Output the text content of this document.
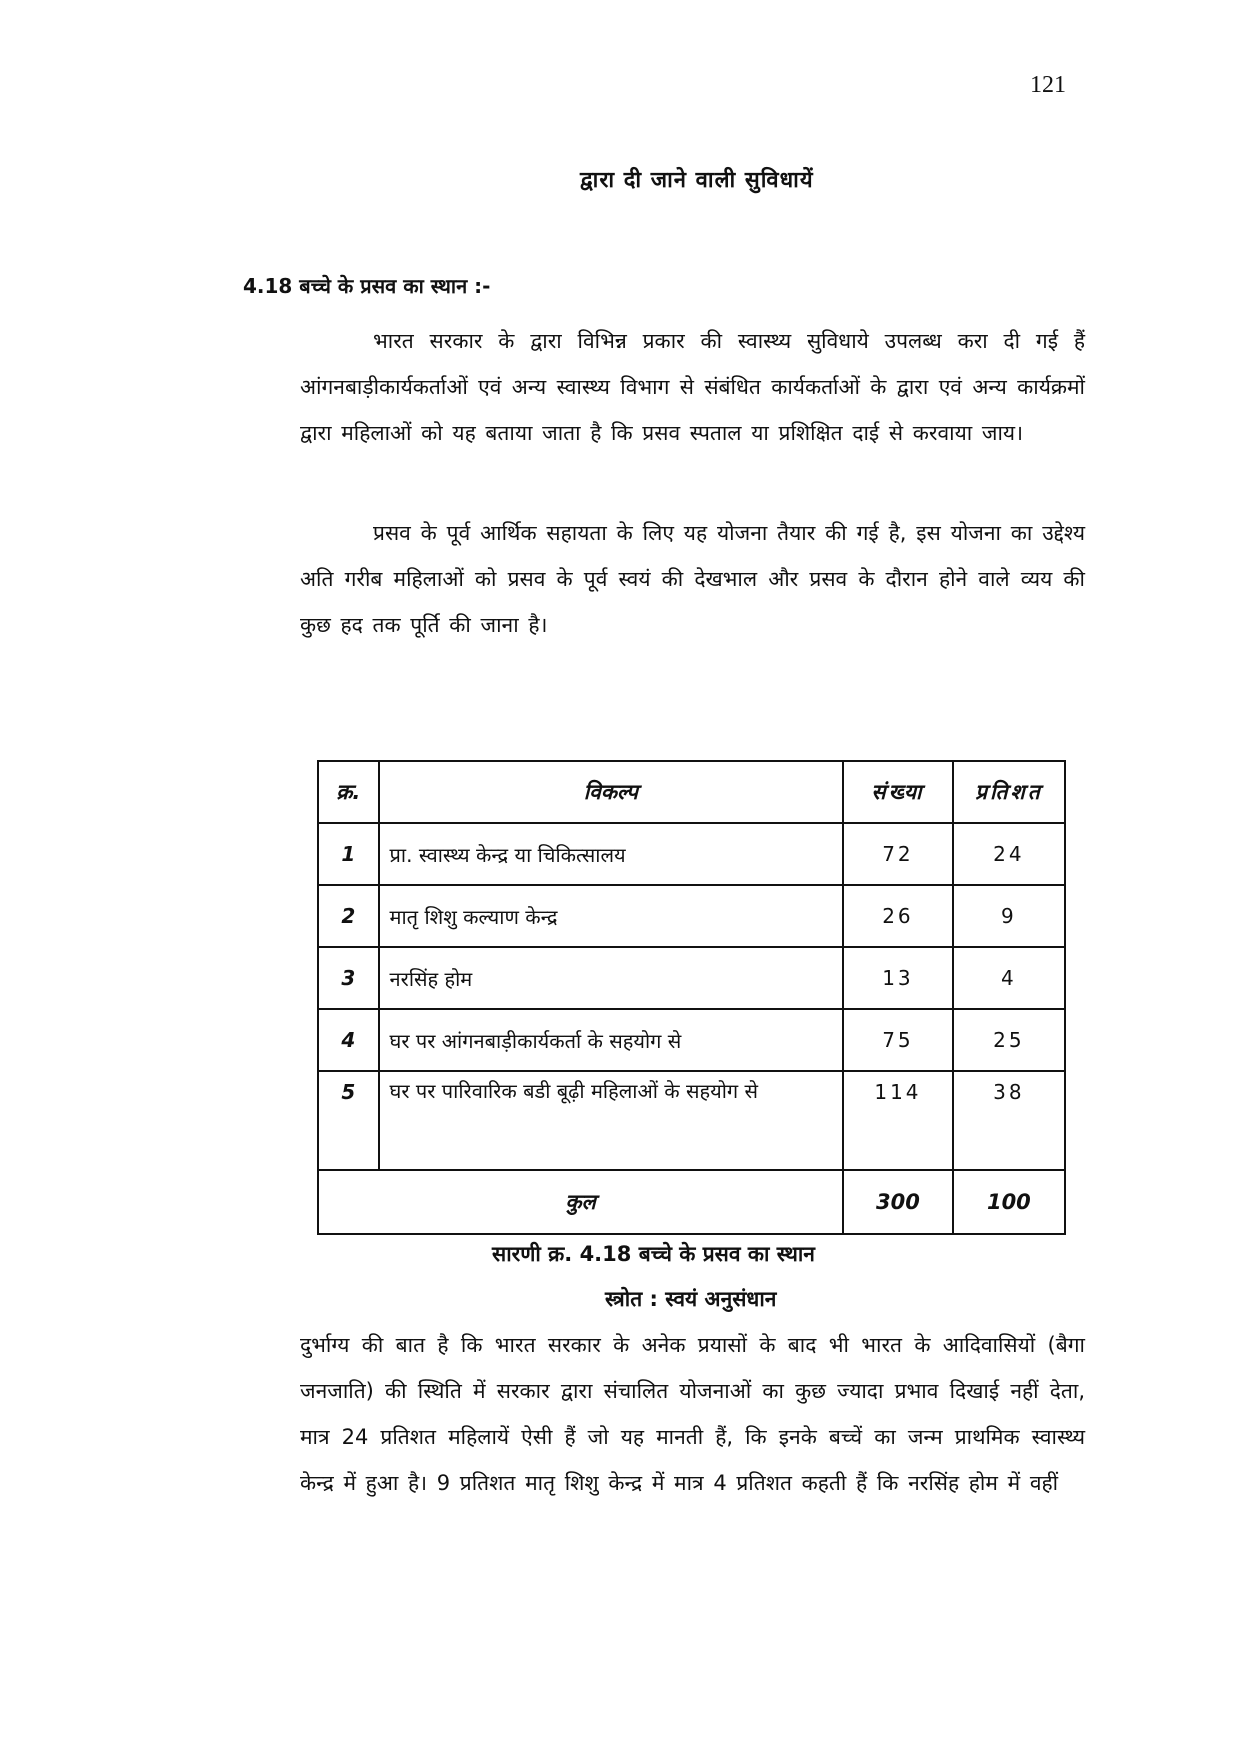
121
द्वारा दी जाने वाली सुविधायें
4.18 बच्चे के प्रसव का स्थान :-
भारत सरकार के द्वारा विभिन्न प्रकार की स्वास्थ्य सुविधाये उपलब्ध करा दी गई हैं आंगनबाड़ीकार्यकर्ताओं एवं अन्य स्वास्थ्य विभाग से संबंधित कार्यकर्ताओं के द्वारा एवं अन्य कार्यक्रमों द्वारा महिलाओं को यह बताया जाता है कि प्रसव स्पताल या प्रशिक्षित दाई से करवाया जाय।
प्रसव के पूर्व आर्थिक सहायता के लिए यह योजना तैयार की गई है, इस योजना का उद्देश्य अति गरीब महिलाओं को प्रसव के पूर्व स्वयं की देखभाल और प्रसव के दौरान होने वाले व्यय की कुछ हद तक पूर्ति की जाना है।
क्र.	विकल्प	संख्या	प्रतिशत
1	प्रा. स्वास्थ्य केन्द्र या चिकित्सालय	72	24
2	मातृ शिशु कल्याण केन्द्र	26	9
3	नरसिंह होम	13	4
4	घर पर आंगनबाड़ीकार्यकर्ता के सहयोग से	75	25
5	घर पर पारिवारिक बडी बूढ़ी महिलाओं के सहयोग से	114	38
कुल		300	100
सारणी क्र. 4.18 बच्चे के प्रसव का स्थान
स्त्रोत : स्वयं अनुसंधान
दुर्भाग्य की बात है कि भारत सरकार के अनेक प्रयासों के बाद भी भारत के आदिवासियों (बैगा जनजाति) की स्थिति में सरकार द्वारा संचालित योजनाओं का कुछ ज्यादा प्रभाव दिखाई नहीं देता, मात्र 24 प्रतिशत महिलायें ऐसी हैं जो यह मानती हैं, कि इनके बच्चें का जन्म प्राथमिक स्वास्थ्य केन्द्र में हुआ है। 9 प्रतिशत मातृ शिशु केन्द्र में मात्र 4 प्रतिशत कहती हैं कि नरसिंह होम में वहीं
